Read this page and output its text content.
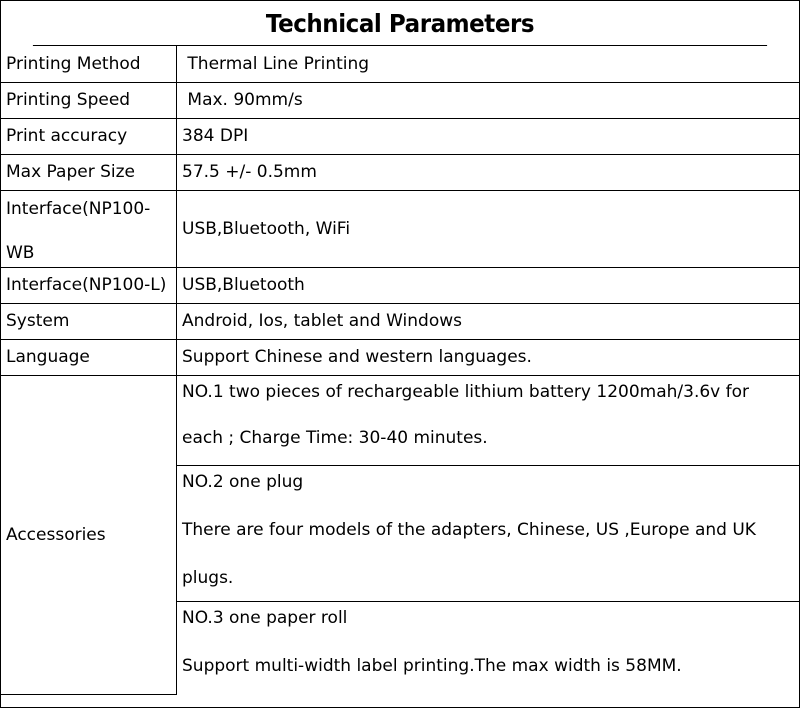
Technical Parameters
Printing Method	Thermal Line Printing
Printing Speed	Max. 90mm/s
Print accuracy	384 DPI
Max Paper Size	57.5 +/- 0.5mm

Interface(NP100-
WB	USB,Bluetooth, WiFi
Interface(NP100-L)	USB,Bluetooth
System	Android, Ios, tablet and Windows
Language	Support Chinese and western languages.
Accessories	NO.1 two pieces of rechargeable lithium battery 1200mah/3.6v for
each ; Charge Time: 30-40 minutes.

	NO.2 one plug
There are four models of the adapters, Chinese, US ,Europe and UK
plugs.

	NO.3 one paper roll
Support multi-width label printing.The max width is 58MM.
